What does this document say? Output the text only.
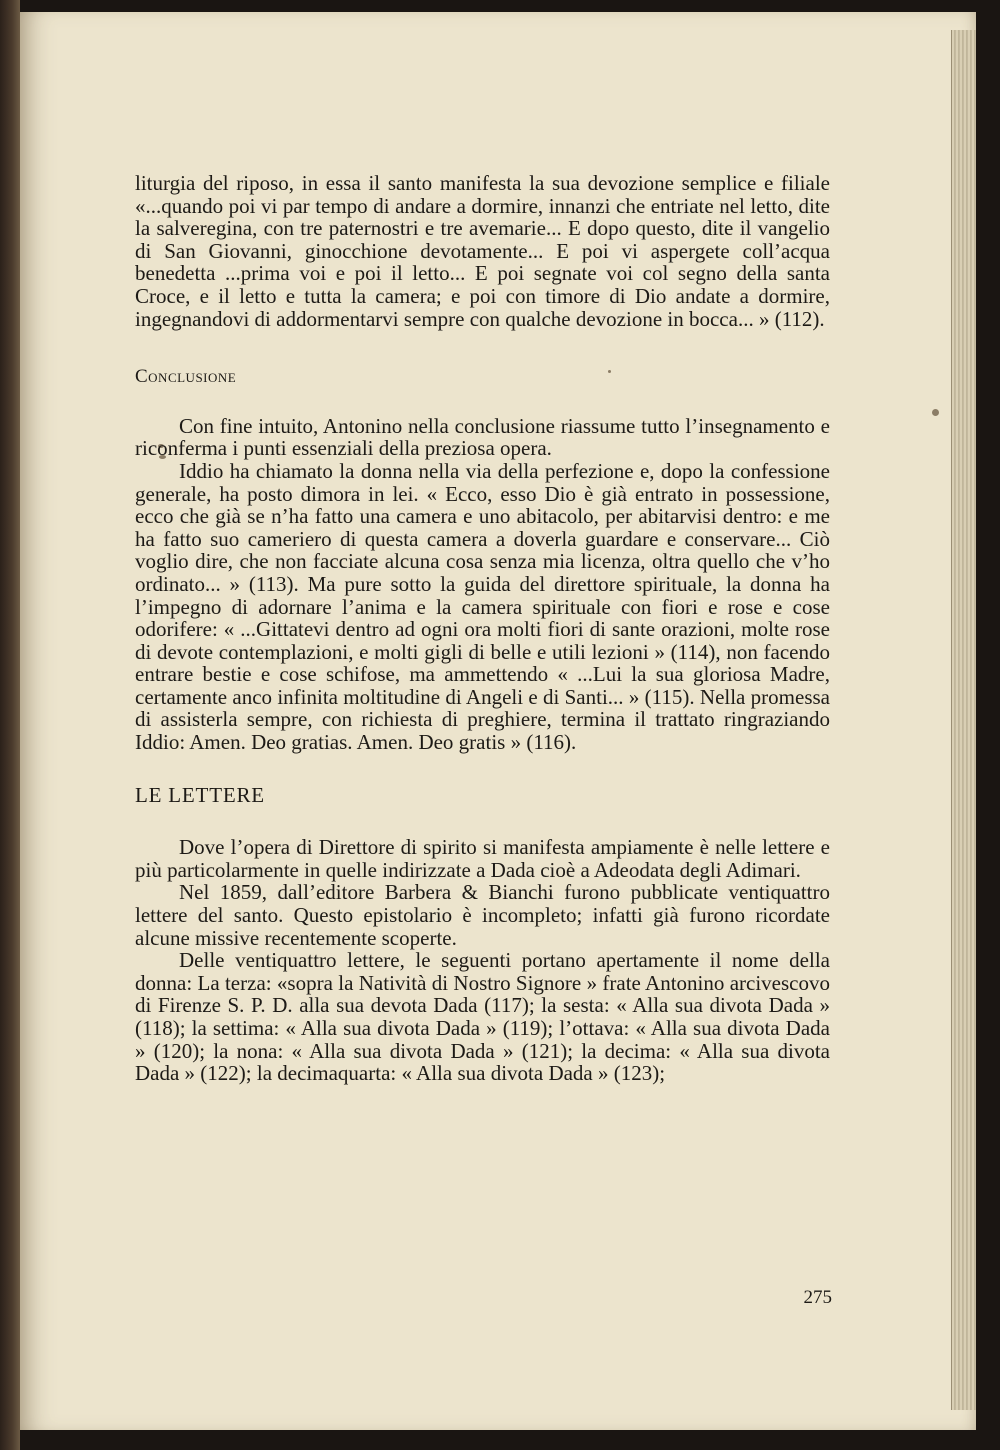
liturgia del riposo, in essa il santo manifesta la sua devozione semplice e filiale «...quando poi vi par tempo di andare a dormire, innanzi che entriate nel letto, dite la salveregina, con tre paternostri e tre avemarie... E dopo questo, dite il vangelio di San Giovanni, ginocchione devotamente... E poi vi aspergete coll’acqua benedetta ...prima voi e poi il letto... E poi segnate voi col segno della santa Croce, e il letto e tutta la camera; e poi con timore di Dio andate a dormire, ingegnandovi di addormentarvi sempre con qualche devozione in bocca... » (112).

Conclusione

Con fine intuito, Antonino nella conclusione riassume tutto l’insegnamento e riconferma i punti essenziali della preziosa opera.

Iddio ha chiamato la donna nella via della perfezione e, dopo la confessione generale, ha posto dimora in lei. « Ecco, esso Dio è già entrato in possessione, ecco che già se n’ha fatto una camera e uno abitacolo, per abitarvisi dentro: e me ha fatto suo cameriero di questa camera a doverla guardare e conservare... Ciò voglio dire, che non facciate alcuna cosa senza mia licenza, oltra quello che v’ho ordinato... » (113). Ma pure sotto la guida del direttore spirituale, la donna ha l’impegno di adornare l’anima e la camera spirituale con fiori e rose e cose odorifere: « ...Gittatevi dentro ad ogni ora molti fiori di sante orazioni, molte rose di devote contemplazioni, e molti gigli di belle e utili lezioni » (114), non facendo entrare bestie e cose schifose, ma ammettendo « ...Lui la sua gloriosa Madre, certamente anco infinita moltitudine di Angeli e di Santi... » (115). Nella promessa di assisterla sempre, con richiesta di preghiere, termina il trattato ringraziando Iddio: Amen. Deo gratias. Amen. Deo gratis » (116).

LE LETTERE

Dove l’opera di Direttore di spirito si manifesta ampiamente è nelle lettere e più particolarmente in quelle indirizzate a Dada cioè a Adeodata degli Adimari.

Nel 1859, dall’editore Barbera & Bianchi furono pubblicate ventiquattro lettere del santo. Questo epistolario è incompleto; infatti già furono ricordate alcune missive recentemente scoperte.

Delle ventiquattro lettere, le seguenti portano apertamente il nome della donna: La terza: «sopra la Natività di Nostro Signore » frate Antonino arcivescovo di Firenze S. P. D. alla sua devota Dada (117); la sesta: « Alla sua divota Dada » (118); la settima: « Alla sua divota Dada » (119); l’ottava: « Alla sua divota Dada » (120); la nona: « Alla sua divota Dada » (121); la decima: « Alla sua divota Dada » (122); la decimaquarta: « Alla sua divota Dada » (123);

275
